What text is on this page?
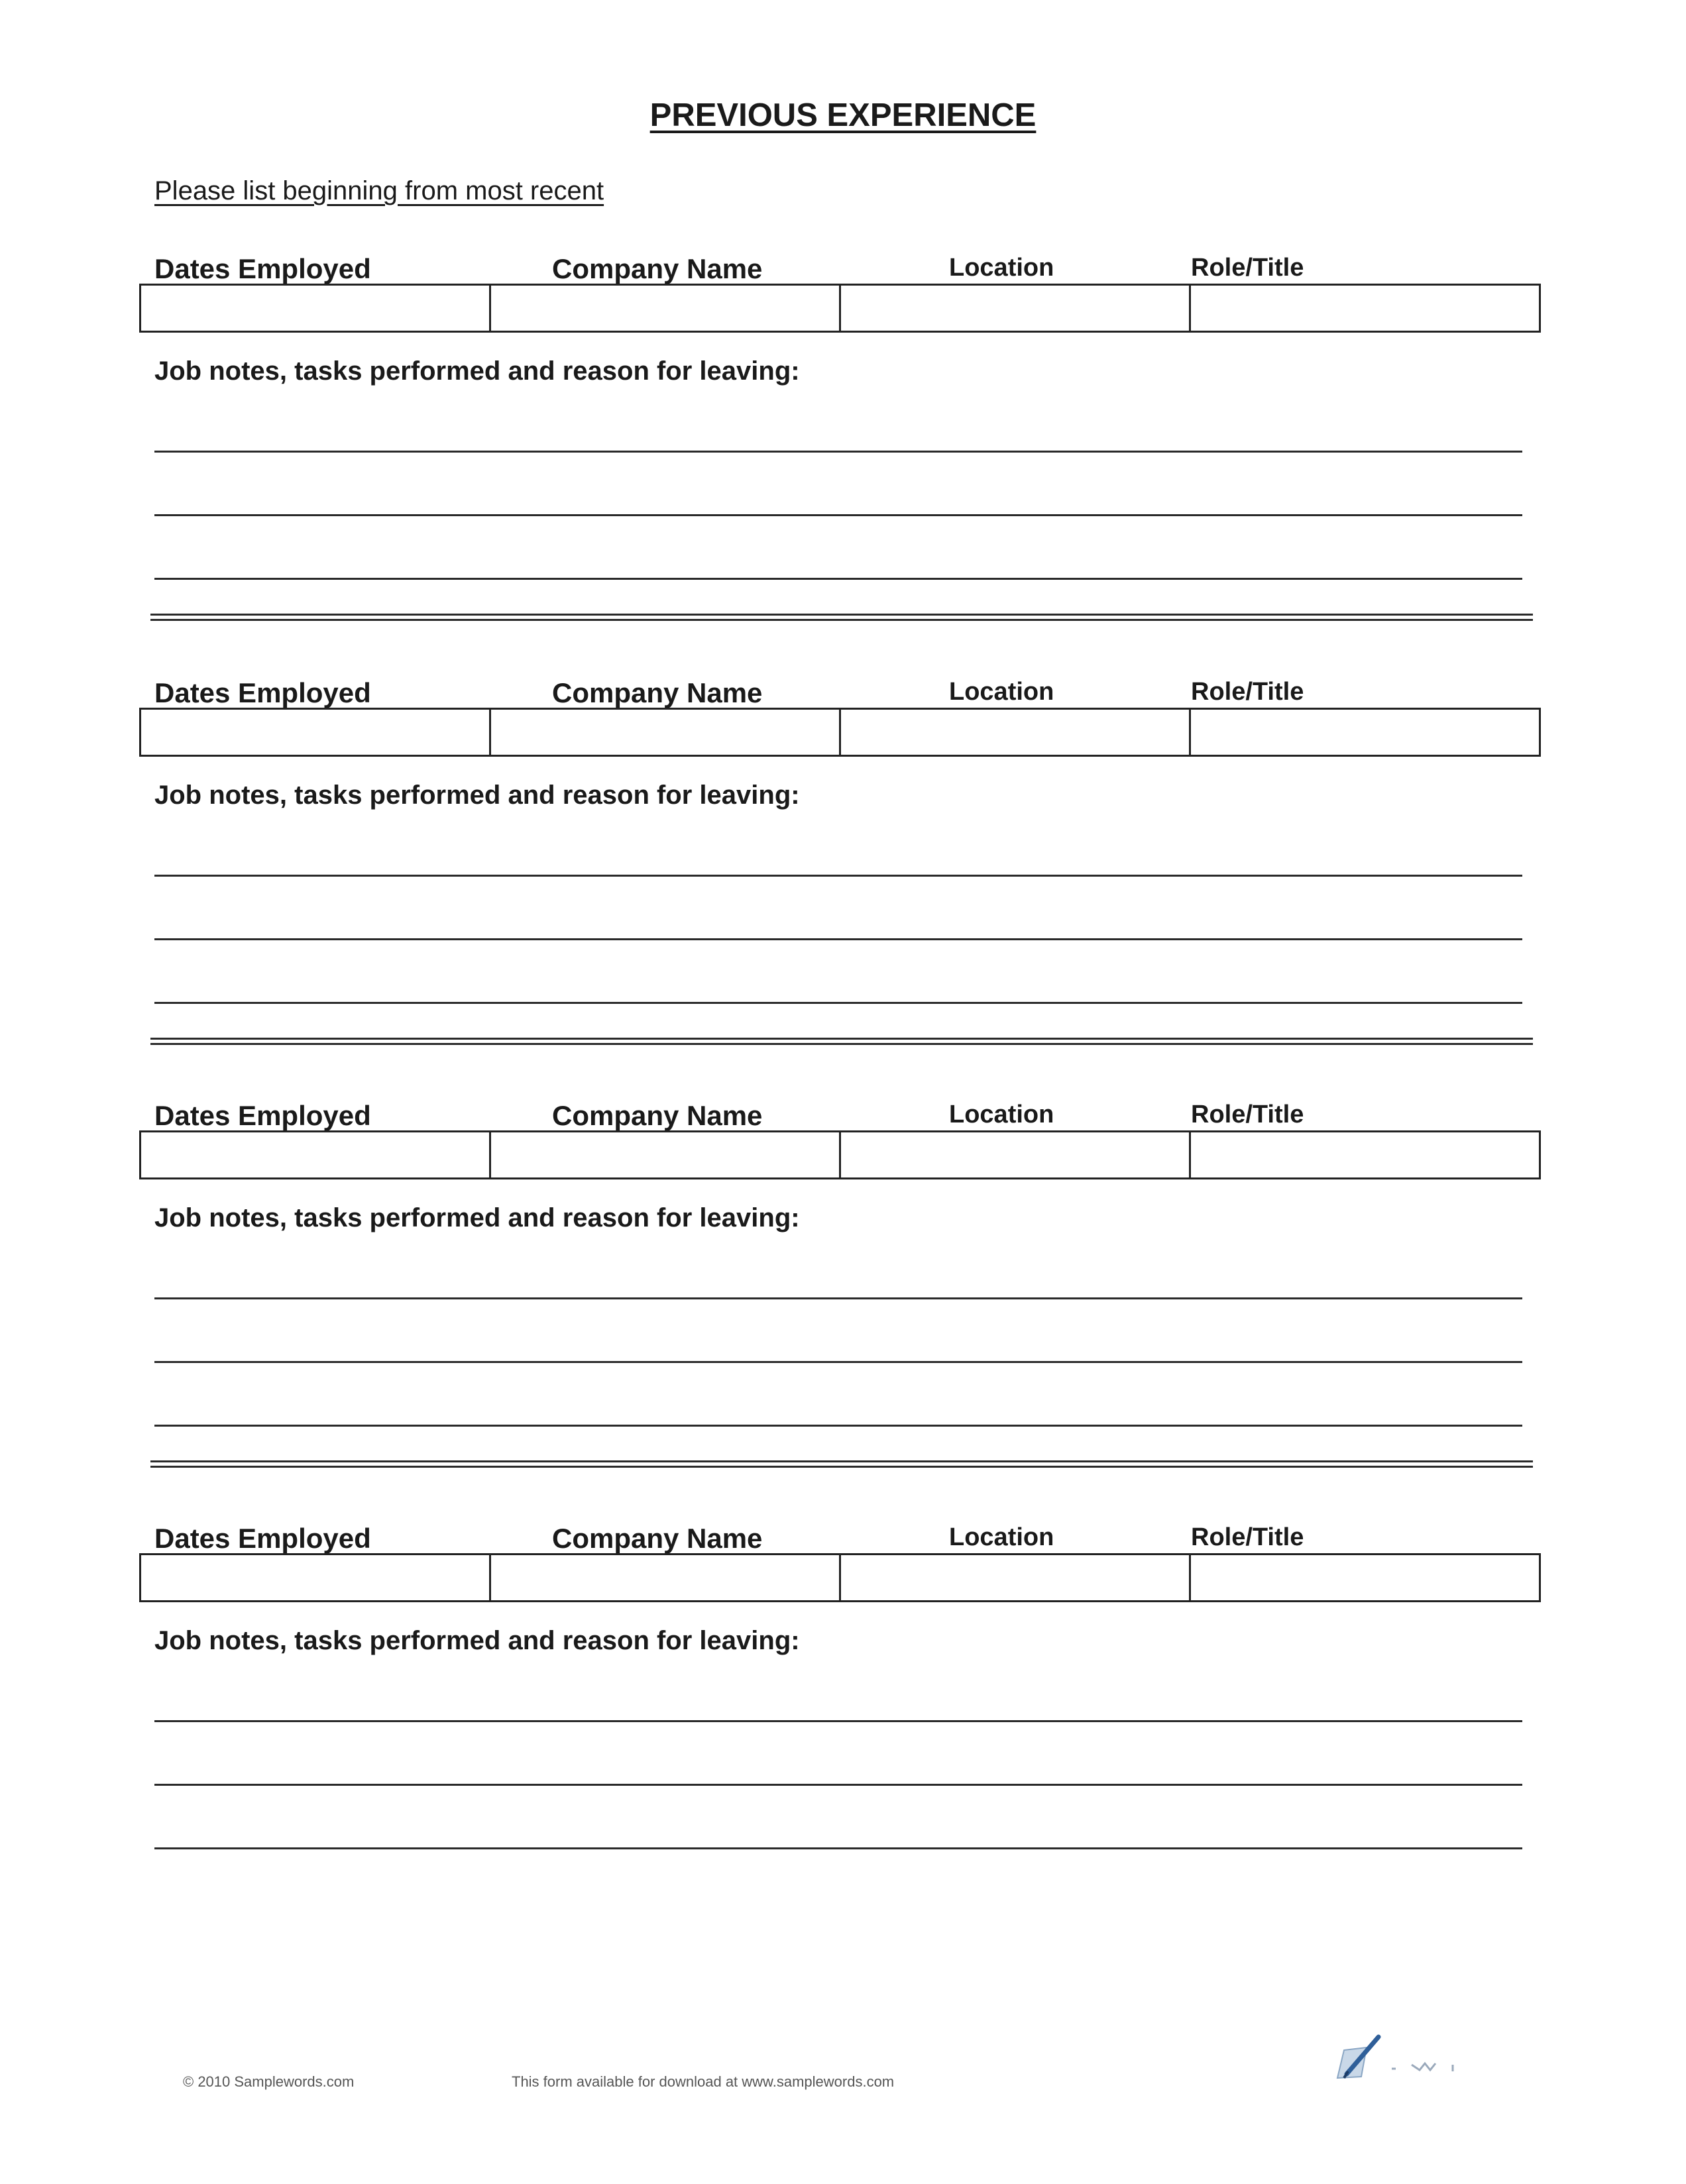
PREVIOUS EXPERIENCE
Please list beginning from most recent
Dates Employed	Company Name	Location	Role/Title
Job notes, tasks performed and reason for leaving:
Dates Employed	Company Name	Location	Role/Title
Job notes, tasks performed and reason for leaving:
Dates Employed	Company Name	Location	Role/Title
Job notes, tasks performed and reason for leaving:
Dates Employed	Company Name	Location	Role/Title
Job notes, tasks performed and reason for leaving:
© 2010 Samplewords.com	This form available for download at www.samplewords.com
